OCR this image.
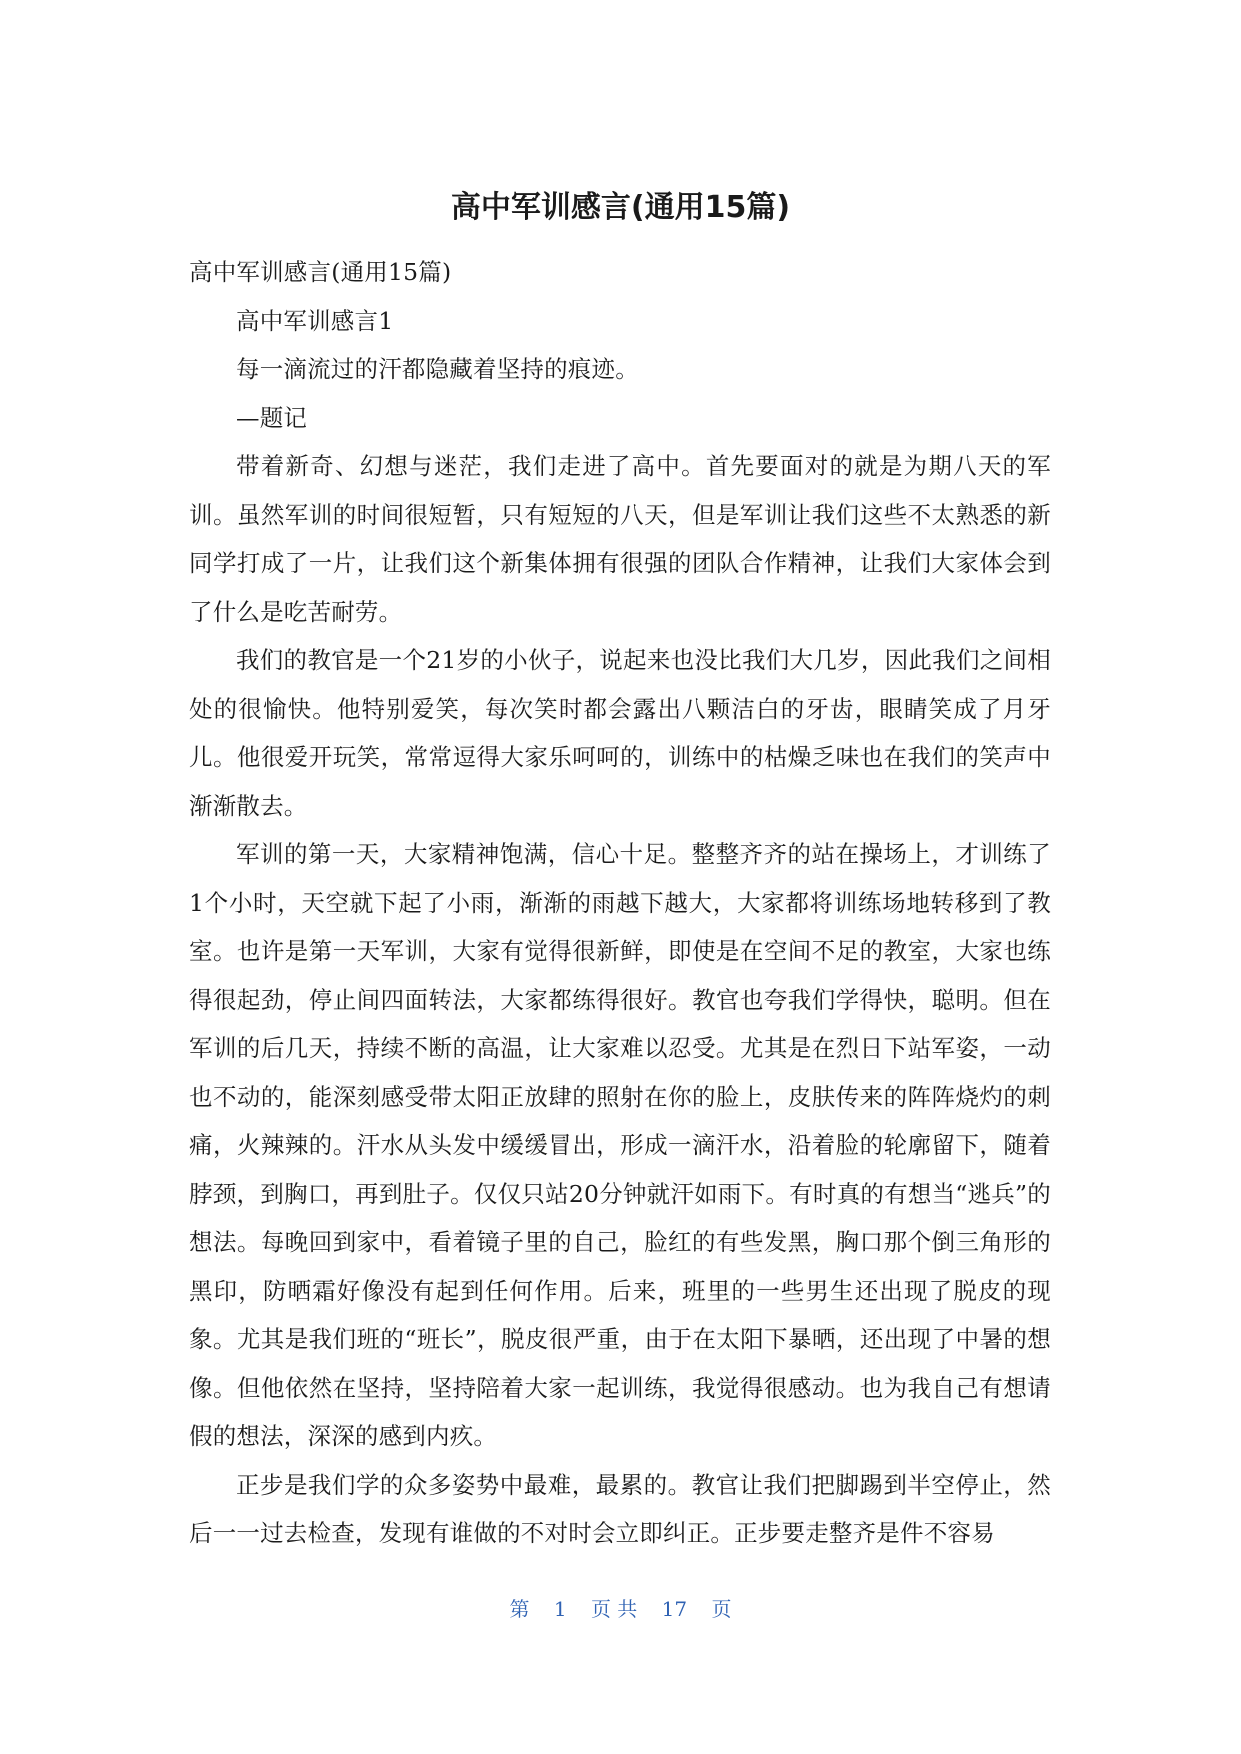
高中军训感言(通用15篇)

高中军训感言(通用15篇)

高中军训感言1

每一滴流过的汗都隐藏着坚持的痕迹。

—题记

带着新奇、幻想与迷茫，我们走进了高中。首先要面对的就是为期八天的军训。虽然军训的时间很短暂，只有短短的八天，但是军训让我们这些不太熟悉的新同学打成了一片，让我们这个新集体拥有很强的团队合作精神，让我们大家体会到了什么是吃苦耐劳。

我们的教官是一个21岁的小伙子，说起来也没比我们大几岁，因此我们之间相处的很愉快。他特别爱笑，每次笑时都会露出八颗洁白的牙齿，眼睛笑成了月牙儿。他很爱开玩笑，常常逗得大家乐呵呵的，训练中的枯燥乏味也在我们的笑声中渐渐散去。

军训的第一天，大家精神饱满，信心十足。整整齐齐的站在操场上，才训练了1个小时，天空就下起了小雨，渐渐的雨越下越大，大家都将训练场地转移到了教室。也许是第一天军训，大家有觉得很新鲜，即使是在空间不足的教室，大家也练得很起劲，停止间四面转法，大家都练得很好。教官也夸我们学得快，聪明。但在军训的后几天，持续不断的高温，让大家难以忍受。尤其是在烈日下站军姿，一动也不动的，能深刻感受带太阳正放肆的照射在你的脸上，皮肤传来的阵阵烧灼的刺痛，火辣辣的。汗水从头发中缓缓冒出，形成一滴汗水，沿着脸的轮廓留下，随着脖颈，到胸口，再到肚子。仅仅只站20分钟就汗如雨下。有时真的有想当“逃兵”的想法。每晚回到家中，看着镜子里的自己，脸红的有些发黑，胸口那个倒三角形的黑印，防晒霜好像没有起到任何作用。后来，班里的一些男生还出现了脱皮的现象。尤其是我们班的“班长”，脱皮很严重，由于在太阳下暴晒，还出现了中暑的想像。但他依然在坚持，坚持陪着大家一起训练，我觉得很感动。也为我自己有想请假的想法，深深的感到内疚。

正步是我们学的众多姿势中最难，最累的。教官让我们把脚踢到半空停止，然后一一过去检查，发现有谁做的不对时会立即纠正。正步要走整齐是件不容易

第 1 页 共 17 页
